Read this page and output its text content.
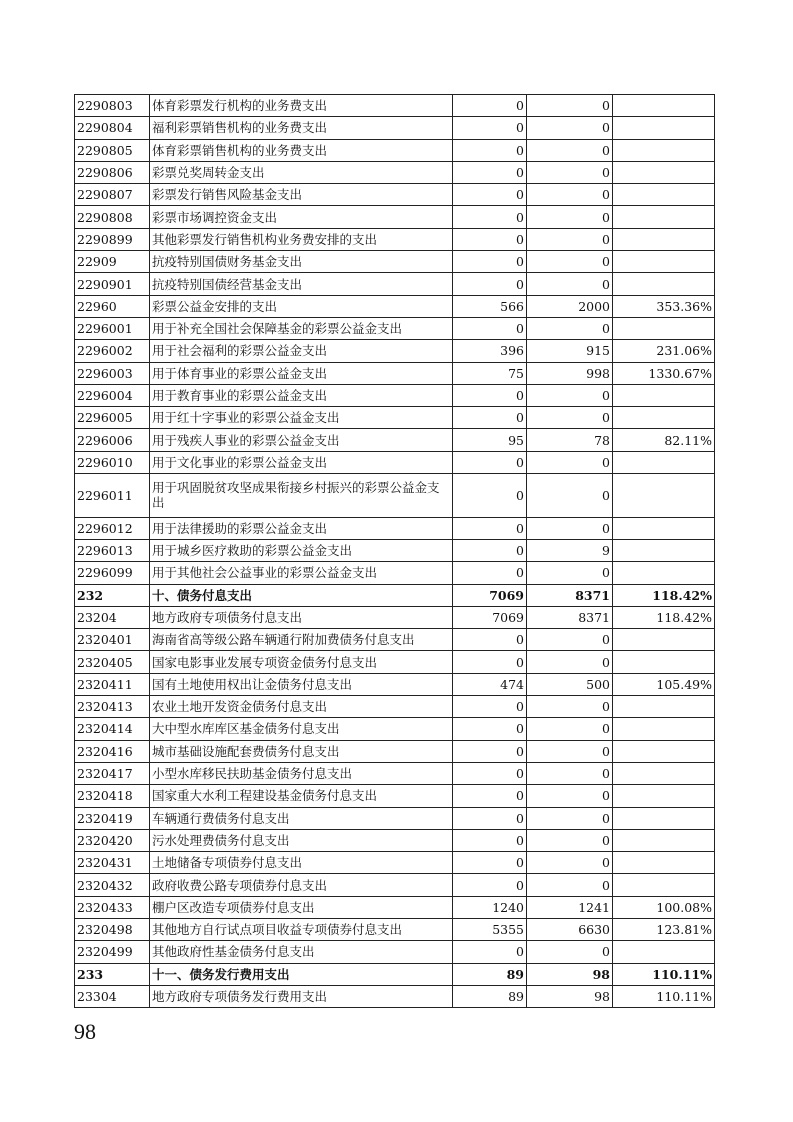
2290803	体育彩票发行机构的业务费支出	0	0	
2290804	福利彩票销售机构的业务费支出	0	0	
2290805	体育彩票销售机构的业务费支出	0	0	
2290806	彩票兑奖周转金支出	0	0	
2290807	彩票发行销售风险基金支出	0	0	
2290808	彩票市场调控资金支出	0	0	
2290899	其他彩票发行销售机构业务费安排的支出	0	0	
22909	抗疫特别国债财务基金支出	0	0	
2290901	抗疫特别国债经营基金支出	0	0	
22960	彩票公益金安排的支出	566	2000	353.36%
2296001	用于补充全国社会保障基金的彩票公益金支出	0	0	
2296002	用于社会福利的彩票公益金支出	396	915	231.06%
2296003	用于体育事业的彩票公益金支出	75	998	1330.67%
2296004	用于教育事业的彩票公益金支出	0	0	
2296005	用于红十字事业的彩票公益金支出	0	0	
2296006	用于残疾人事业的彩票公益金支出	95	78	82.11%
2296010	用于文化事业的彩票公益金支出	0	0	
2296011	用于巩固脱贫攻坚成果衔接乡村振兴的彩票公益金支出	0	0	
2296012	用于法律援助的彩票公益金支出	0	0	
2296013	用于城乡医疗救助的彩票公益金支出	0	9	
2296099	用于其他社会公益事业的彩票公益金支出	0	0	
232	十、债务付息支出	7069	8371	118.42%
23204	地方政府专项债务付息支出	7069	8371	118.42%
2320401	海南省高等级公路车辆通行附加费债务付息支出	0	0	
2320405	国家电影事业发展专项资金债务付息支出	0	0	
2320411	国有土地使用权出让金债务付息支出	474	500	105.49%
2320413	农业土地开发资金债务付息支出	0	0	
2320414	大中型水库库区基金债务付息支出	0	0	
2320416	城市基础设施配套费债务付息支出	0	0	
2320417	小型水库移民扶助基金债务付息支出	0	0	
2320418	国家重大水利工程建设基金债务付息支出	0	0	
2320419	车辆通行费债务付息支出	0	0	
2320420	污水处理费债务付息支出	0	0	
2320431	土地储备专项债券付息支出	0	0	
2320432	政府收费公路专项债券付息支出	0	0	
2320433	棚户区改造专项债券付息支出	1240	1241	100.08%
2320498	其他地方自行试点项目收益专项债券付息支出	5355	6630	123.81%
2320499	其他政府性基金债务付息支出	0	0	
233	十一、债务发行费用支出	89	98	110.11%
23304	地方政府专项债务发行费用支出	89	98	110.11%
98
